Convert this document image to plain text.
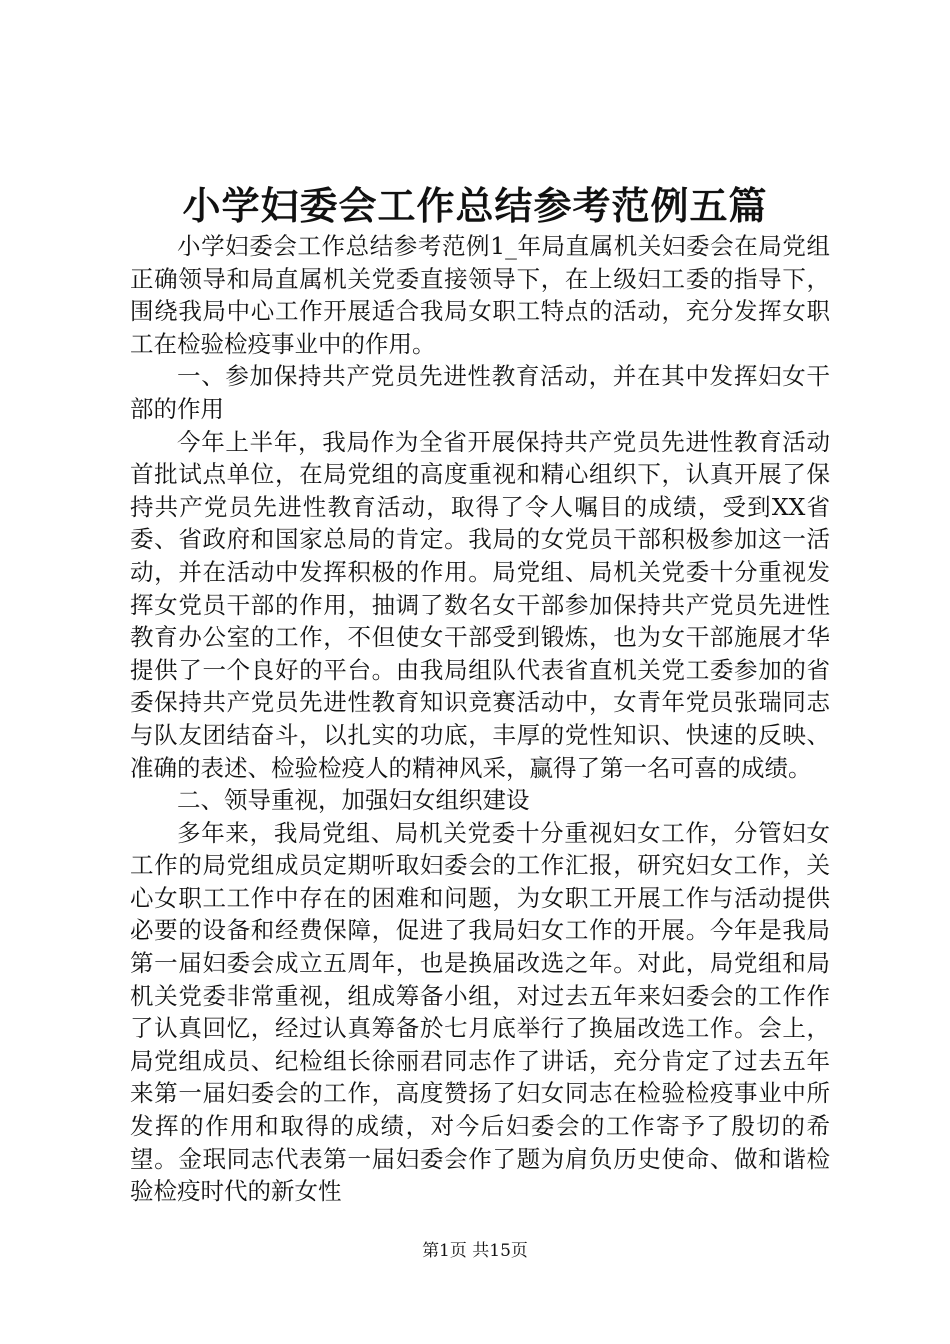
小学妇委会工作总结参考范例五篇

小学妇委会工作总结参考范例1_年局直属机关妇委会在局党组正确领导和局直属机关党委直接领导下，在上级妇工委的指导下，围绕我局中心工作开展适合我局女职工特点的活动，充分发挥女职工在检验检疫事业中的作用。

一、参加保持共产党员先进性教育活动，并在其中发挥妇女干部的作用

今年上半年，我局作为全省开展保持共产党员先进性教育活动首批试点单位，在局党组的高度重视和精心组织下，认真开展了保持共产党员先进性教育活动，取得了令人嘱目的成绩，受到XX省委、省政府和国家总局的肯定。我局的女党员干部积极参加这一活动，并在活动中发挥积极的作用。局党组、局机关党委十分重视发挥女党员干部的作用，抽调了数名女干部参加保持共产党员先进性教育办公室的工作，不但使女干部受到锻炼，也为女干部施展才华提供了一个良好的平台。由我局组队代表省直机关党工委参加的省委保持共产党员先进性教育知识竞赛活动中，女青年党员张瑞同志与队友团结奋斗，以扎实的功底，丰厚的党性知识、快速的反映、准确的表述、检验检疫人的精神风采，赢得了第一名可喜的成绩。

二、领导重视，加强妇女组织建设

多年来，我局党组、局机关党委十分重视妇女工作，分管妇女工作的局党组成员定期听取妇委会的工作汇报，研究妇女工作，关心女职工工作中存在的困难和问题，为女职工开展工作与活动提供必要的设备和经费保障，促进了我局妇女工作的开展。今年是我局第一届妇委会成立五周年，也是换届改选之年。对此，局党组和局机关党委非常重视，组成筹备小组，对过去五年来妇委会的工作作了认真回忆，经过认真筹备於七月底举行了换届改选工作。会上，局党组成员、纪检组长徐丽君同志作了讲话，充分肯定了过去五年来第一届妇委会的工作，高度赞扬了妇女同志在检验检疫事业中所发挥的作用和取得的成绩，对今后妇委会的工作寄予了殷切的希望。金珉同志代表第一届妇委会作了题为肩负历史使命、做和谐检验检疫时代的新女性

第1页 共15页
